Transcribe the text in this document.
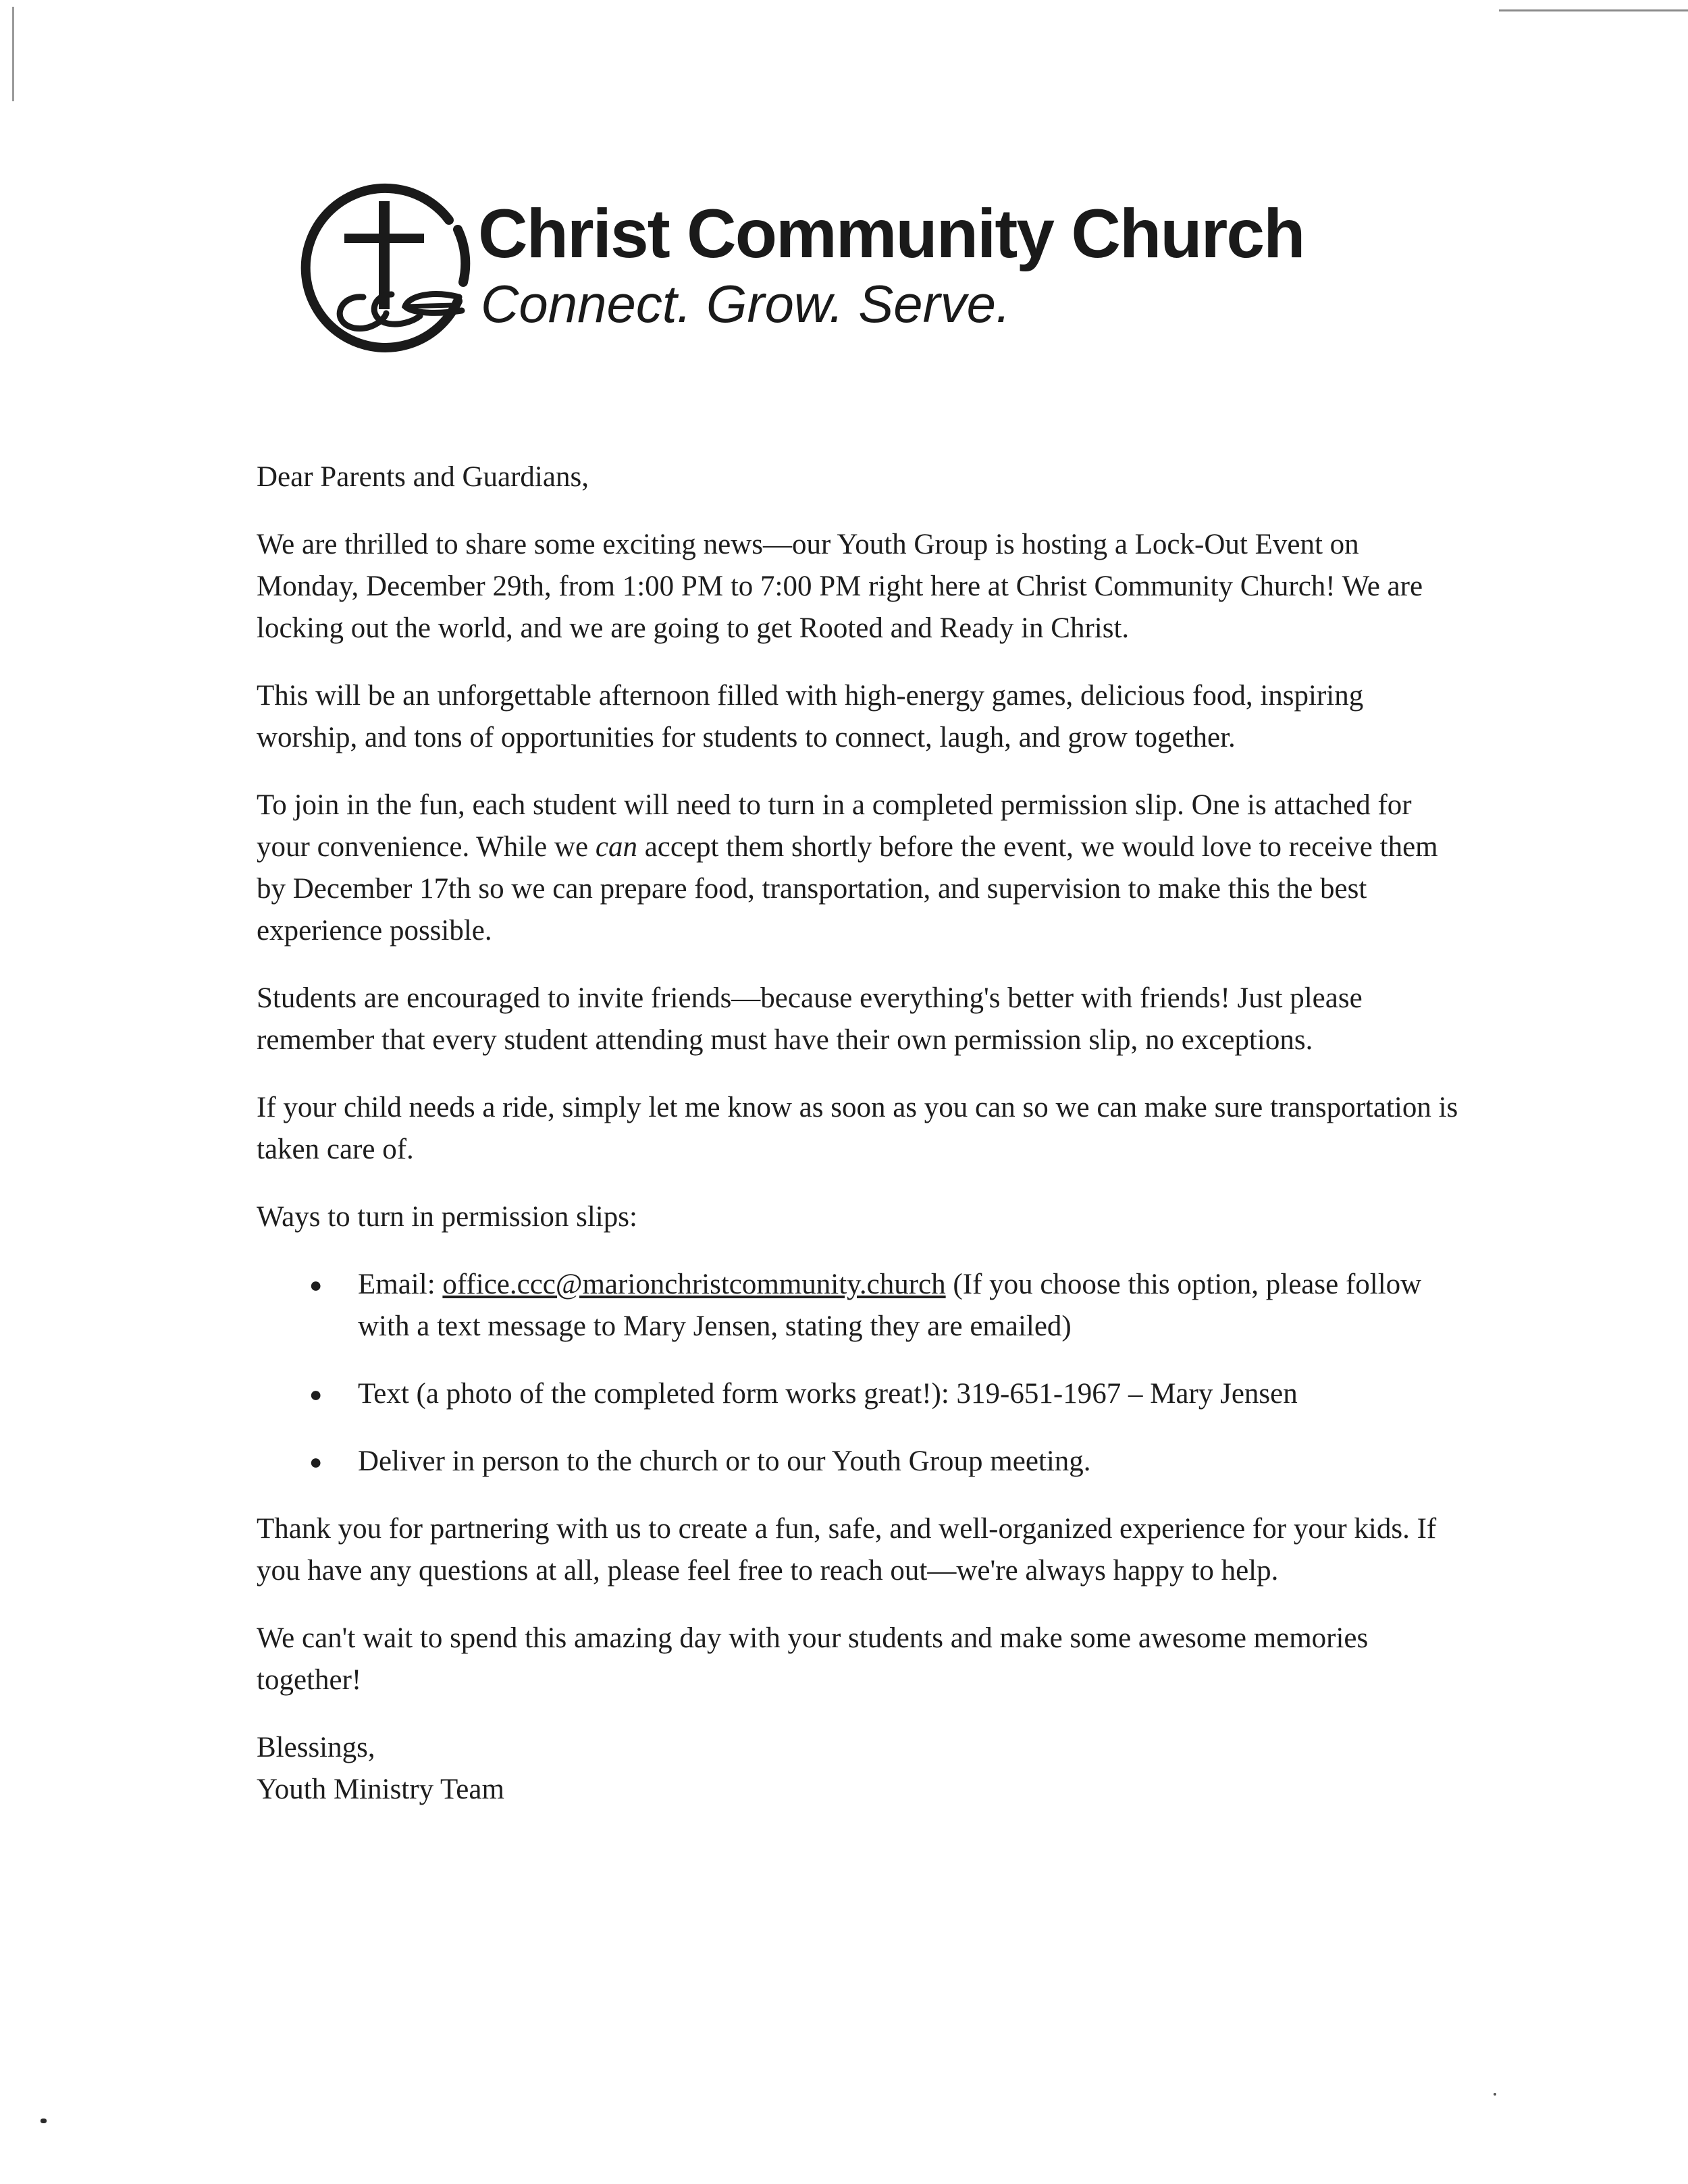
Christ Community Church
Connect. Grow. Serve.

Dear Parents and Guardians,

We are thrilled to share some exciting news—our Youth Group is hosting a Lock-Out Event on Monday, December 29th, from 1:00 PM to 7:00 PM right here at Christ Community Church! We are locking out the world, and we are going to get Rooted and Ready in Christ.

This will be an unforgettable afternoon filled with high-energy games, delicious food, inspiring worship, and tons of opportunities for students to connect, laugh, and grow together.

To join in the fun, each student will need to turn in a completed permission slip. One is attached for your convenience. While we can accept them shortly before the event, we would love to receive them by December 17th so we can prepare food, transportation, and supervision to make this the best experience possible.

Students are encouraged to invite friends—because everything's better with friends! Just please remember that every student attending must have their own permission slip, no exceptions.

If your child needs a ride, simply let me know as soon as you can so we can make sure transportation is taken care of.

Ways to turn in permission slips:

● Email: office.ccc@marionchristcommunity.church (If you choose this option, please follow with a text message to Mary Jensen, stating they are emailed)
● Text (a photo of the completed form works great!): 319-651-1967 – Mary Jensen
● Deliver in person to the church or to our Youth Group meeting.

Thank you for partnering with us to create a fun, safe, and well-organized experience for your kids. If you have any questions at all, please feel free to reach out—we're always happy to help.

We can't wait to spend this amazing day with your students and make some awesome memories together!

Blessings,

Youth Ministry Team
